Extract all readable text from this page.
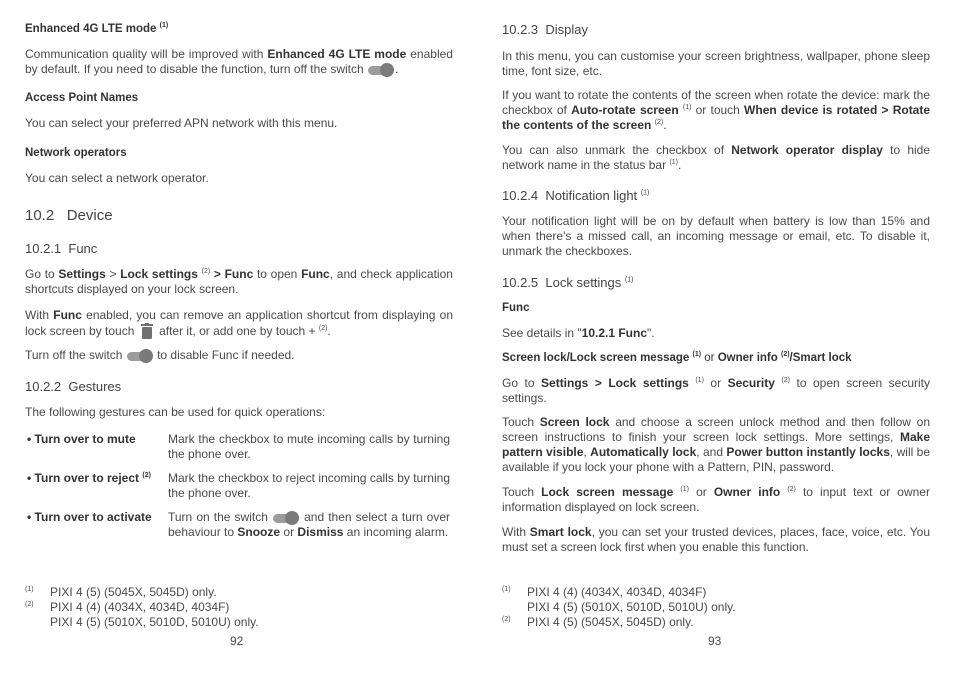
Enhanced 4G LTE mode $^{(1)}$
Communication quality will be improved with Enhanced 4G LTE mode enabled by default. If you need to disable the function, turn off the switch	.
Access Point Names
You can select your preferred APN network with this menu.
Network operators
You can select a network operator.
10.2 Device
10.2.1 Func
Go to Settings > Lock settings $^{(2)}$ > Func to open Func, and check application shortcuts displayed on your lock screen.
With Func enabled, you can remove an application shortcut from displaying on lock screen by touch after it, or add one by touch + $^{(2)}$.
Turn off the switch	to disable Func if needed.
10.2.2 Gestures
The following gestures can be used for quick operations:
• Turn over to mute	Mark the checkbox to mute incoming calls by turning the phone over.
• Turn over to reject $^{(2)}$	Mark the checkbox to reject incoming calls by turning the phone over.
• Turn over to activate	Turn on the switch	and then select a turn over behaviour to Snooze or Dismiss an incoming alarm.
(1) PIXI 4 (5) (5045X, 5045D) only.
(2) PIXI 4 (4) (4034X, 4034D, 4034F)
PIXI 4 (5) (5010X, 5010D, 5010U) only.
92
10.2.3 Display
In this menu, you can customise your screen brightness, wallpaper, phone sleep time, font size, etc.
If you want to rotate the contents of the screen when rotate the device: mark the checkbox of Auto-rotate screen $^{(1)}$ or touch When device is rotated > Rotate the contents of the screen $^{(2)}$.
You can also unmark the checkbox of Network operator display to hide network name in the status bar $^{(1)}$.
10.2.4 Notification light $^{(1)}$
Your notification light will be on by default when battery is low than 15% and when there's a missed call, an incoming message or email, etc. To disable it, unmark the checkboxes.
10.2.5 Lock settings $^{(1)}$
Func
See details in "10.2.1 Func".
Screen lock/Lock screen message $^{(1)}$ or Owner info $^{(2)}$/Smart lock
Go to Settings > Lock settings $^{(1)}$ or Security $^{(2)}$ to open screen security settings.
Touch Screen lock and choose a screen unlock method and then follow on screen instructions to finish your screen lock settings. More settings, Make pattern visible, Automatically lock, and Power button instantly locks, will be available if you lock your phone with a Pattern, PIN, password.
Touch Lock screen message $^{(1)}$ or Owner info $^{(2)}$ to input text or owner information displayed on lock screen.
With Smart lock, you can set your trusted devices, places, face, voice, etc. You must set a screen lock first when you enable this function.
(1) PIXI 4 (4) (4034X, 4034D, 4034F)
PIXI 4 (5) (5010X, 5010D, 5010U) only.
(2) PIXI 4 (5) (5045X, 5045D) only.
93
